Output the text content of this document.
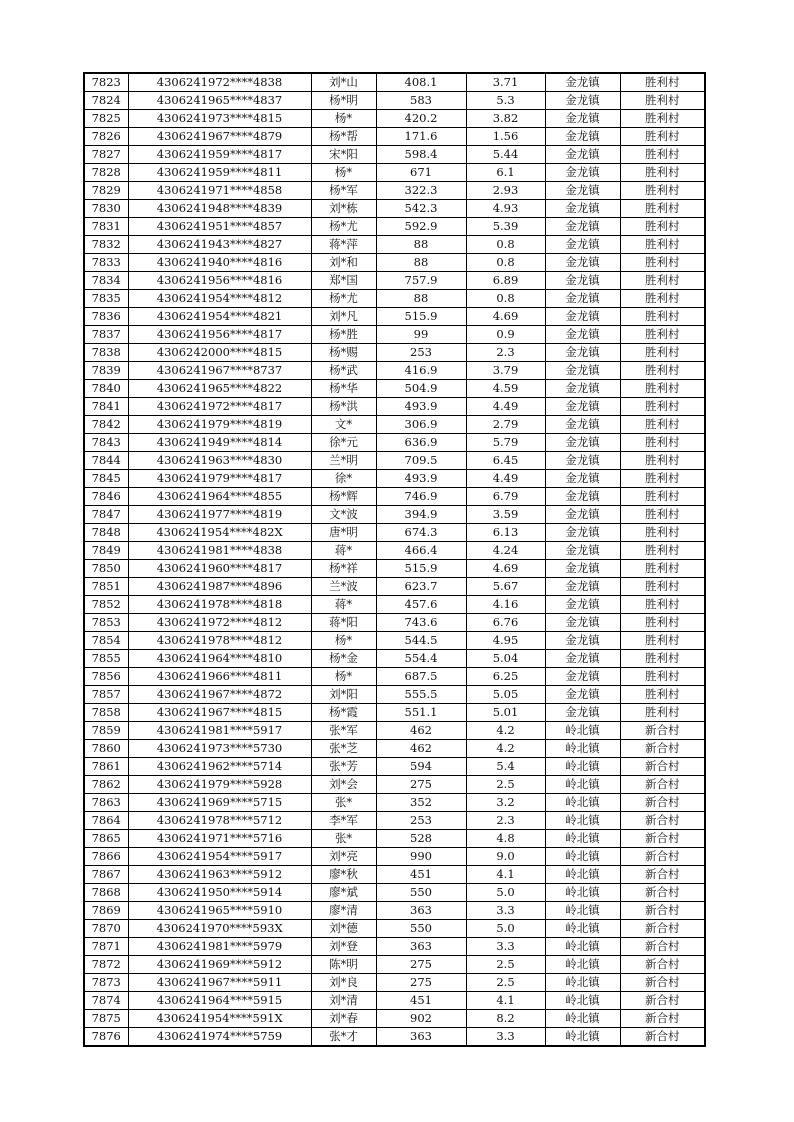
7823	4306241972****4838	刘*山	408.1	3.71	金龙镇	胜利村
7824	4306241965****4837	杨*明	583	5.3	金龙镇	胜利村
7825	4306241973****4815	杨*	420.2	3.82	金龙镇	胜利村
7826	4306241967****4879	杨*帮	171.6	1.56	金龙镇	胜利村
7827	4306241959****4817	宋*阳	598.4	5.44	金龙镇	胜利村
7828	4306241959****4811	杨*	671	6.1	金龙镇	胜利村
7829	4306241971****4858	杨*军	322.3	2.93	金龙镇	胜利村
7830	4306241948****4839	刘*栋	542.3	4.93	金龙镇	胜利村
7831	4306241951****4857	杨*尤	592.9	5.39	金龙镇	胜利村
7832	4306241943****4827	蒋*萍	88	0.8	金龙镇	胜利村
7833	4306241940****4816	刘*和	88	0.8	金龙镇	胜利村
7834	4306241956****4816	郑*国	757.9	6.89	金龙镇	胜利村
7835	4306241954****4812	杨*尤	88	0.8	金龙镇	胜利村
7836	4306241954****4821	刘*凡	515.9	4.69	金龙镇	胜利村
7837	4306241956****4817	杨*胜	99	0.9	金龙镇	胜利村
7838	4306242000****4815	杨*赐	253	2.3	金龙镇	胜利村
7839	4306241967****8737	杨*武	416.9	3.79	金龙镇	胜利村
7840	4306241965****4822	杨*华	504.9	4.59	金龙镇	胜利村
7841	4306241972****4817	杨*洪	493.9	4.49	金龙镇	胜利村
7842	4306241979****4819	文*	306.9	2.79	金龙镇	胜利村
7843	4306241949****4814	徐*元	636.9	5.79	金龙镇	胜利村
7844	4306241963****4830	兰*明	709.5	6.45	金龙镇	胜利村
7845	4306241979****4817	徐*	493.9	4.49	金龙镇	胜利村
7846	4306241964****4855	杨*辉	746.9	6.79	金龙镇	胜利村
7847	4306241977****4819	文*波	394.9	3.59	金龙镇	胜利村
7848	4306241954****482X	唐*明	674.3	6.13	金龙镇	胜利村
7849	4306241981****4838	蒋*	466.4	4.24	金龙镇	胜利村
7850	4306241960****4817	杨*祥	515.9	4.69	金龙镇	胜利村
7851	4306241987****4896	兰*波	623.7	5.67	金龙镇	胜利村
7852	4306241978****4818	蒋*	457.6	4.16	金龙镇	胜利村
7853	4306241972****4812	蒋*阳	743.6	6.76	金龙镇	胜利村
7854	4306241978****4812	杨*	544.5	4.95	金龙镇	胜利村
7855	4306241964****4810	杨*金	554.4	5.04	金龙镇	胜利村
7856	4306241966****4811	杨*	687.5	6.25	金龙镇	胜利村
7857	4306241967****4872	刘*阳	555.5	5.05	金龙镇	胜利村
7858	4306241967****4815	杨*霞	551.1	5.01	金龙镇	胜利村
7859	4306241981****5917	张*军	462	4.2	岭北镇	新合村
7860	4306241973****5730	张*芝	462	4.2	岭北镇	新合村
7861	4306241962****5714	张*芳	594	5.4	岭北镇	新合村
7862	4306241979****5928	刘*会	275	2.5	岭北镇	新合村
7863	4306241969****5715	张*	352	3.2	岭北镇	新合村
7864	4306241978****5712	李*军	253	2.3	岭北镇	新合村
7865	4306241971****5716	张*	528	4.8	岭北镇	新合村
7866	4306241954****5917	刘*亮	990	9.0	岭北镇	新合村
7867	4306241963****5912	廖*秋	451	4.1	岭北镇	新合村
7868	4306241950****5914	廖*斌	550	5.0	岭北镇	新合村
7869	4306241965****5910	廖*清	363	3.3	岭北镇	新合村
7870	4306241970****593X	刘*德	550	5.0	岭北镇	新合村
7871	4306241981****5979	刘*登	363	3.3	岭北镇	新合村
7872	4306241969****5912	陈*明	275	2.5	岭北镇	新合村
7873	4306241967****5911	刘*良	275	2.5	岭北镇	新合村
7874	4306241964****5915	刘*清	451	4.1	岭北镇	新合村
7875	4306241954****591X	刘*春	902	8.2	岭北镇	新合村
7876	4306241974****5759	张*才	363	3.3	岭北镇	新合村
